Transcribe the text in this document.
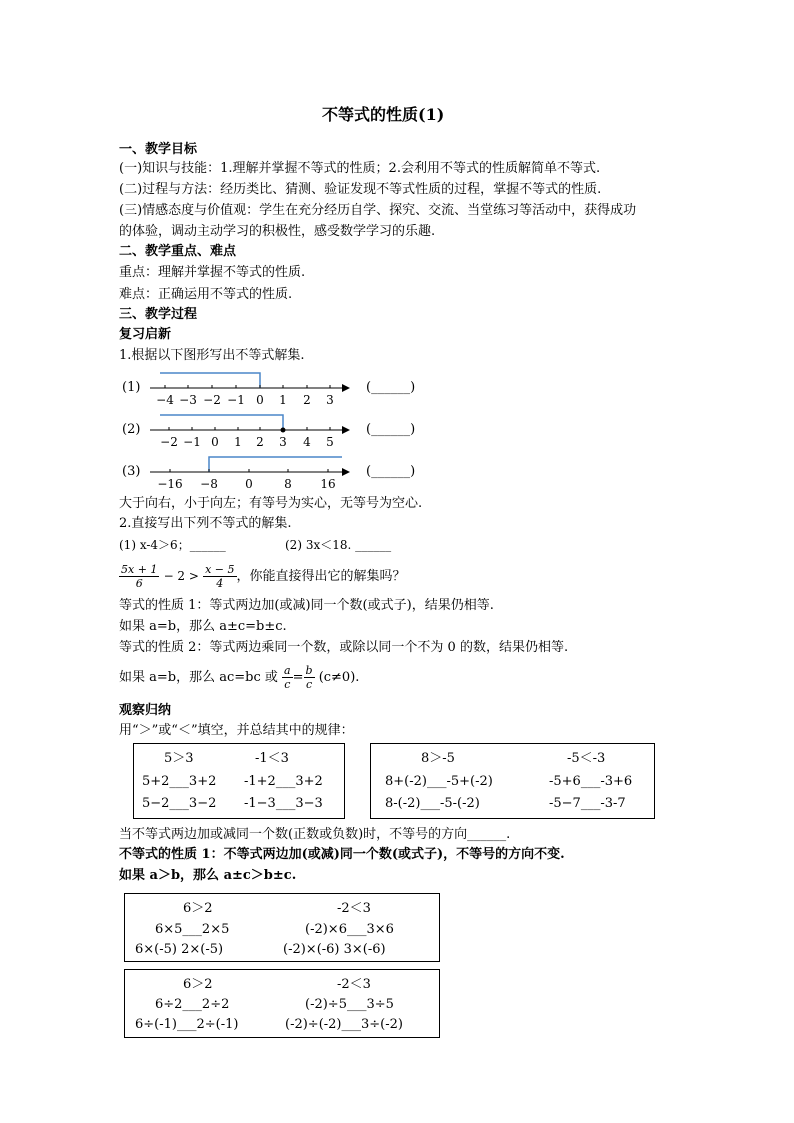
不等式的性质(1)
一、教学目标
(一)知识与技能：1.理解并掌握不等式的性质；2.会利用不等式的性质解简单不等式.
(二)过程与方法：经历类比、猜测、验证发现不等式性质的过程，掌握不等式的性质.
(三)情感态度与价值观：学生在充分经历自学、探究、交流、当堂练习等活动中，获得成功
的体验，调动主动学习的积极性，感受数学学习的乐趣.
二、教学重点、难点
重点：理解并掌握不等式的性质.
难点：正确运用不等式的性质.
三、教学过程
复习启新
1.根据以下图形写出不等式解集.
(1)
−4 −3 −2 −1 0 1 2 3
(______)
(2)
−2 −1 0 1 2 3 4 5
(______)
(3)
−16 −8 0	8 16
(______)
大于向右，小于向左；有等号为实心，无等号为空心.
2.直接写出下列不等式的解集.
(1) x-4＞6；______	(2) 3x＜18. ______
$\frac{5x + 1}{6} - 2 > \frac{x - 5}{4}$ ，你能直接得出它的解集吗？
等式的性质 1：等式两边加(或减)同一个数(或式子)，结果仍相等.
如果 a=b，那么 a±c=b±c.
等式的性质 2：等式两边乘同一个数，或除以同一个不为 0 的数，结果仍相等.
如果 a=b，那么 ac=bc 或 $\frac{a}{c} = \frac{b}{c} (c\ne 0)$.
观察归纳
用“＞”或“＜”填空，并总结其中的规律：
5＞3
5+2___3+2
5−2___3−2
-1＜3
-1+2___3+2
-1−3___3−3
8＞-5
8+(-2)___-5+(-2)
8-(-2)___-5-(-2)
-5＜-3
-5+6___-3+6
-5−7___-3-7
当不等式两边加或减同一个数(正数或负数)时，不等号的方向______.
不等式的性质 1：不等式两边加(或减)同一个数(或式子)，不等号的方向不变.
如果 a＞b，那么 a±c＞b±c.
6＞2
6×5___2×5
6×(-5) 2×(-5)
-2＜3
(-2)×6___3×6
(-2)×(-6) 3×(-6)
6＞2
6÷2___2÷2
6÷(-1)___2÷(-1)
-2＜3
(-2)÷5___3÷5
(-2)÷(-2)___3÷(-2)
